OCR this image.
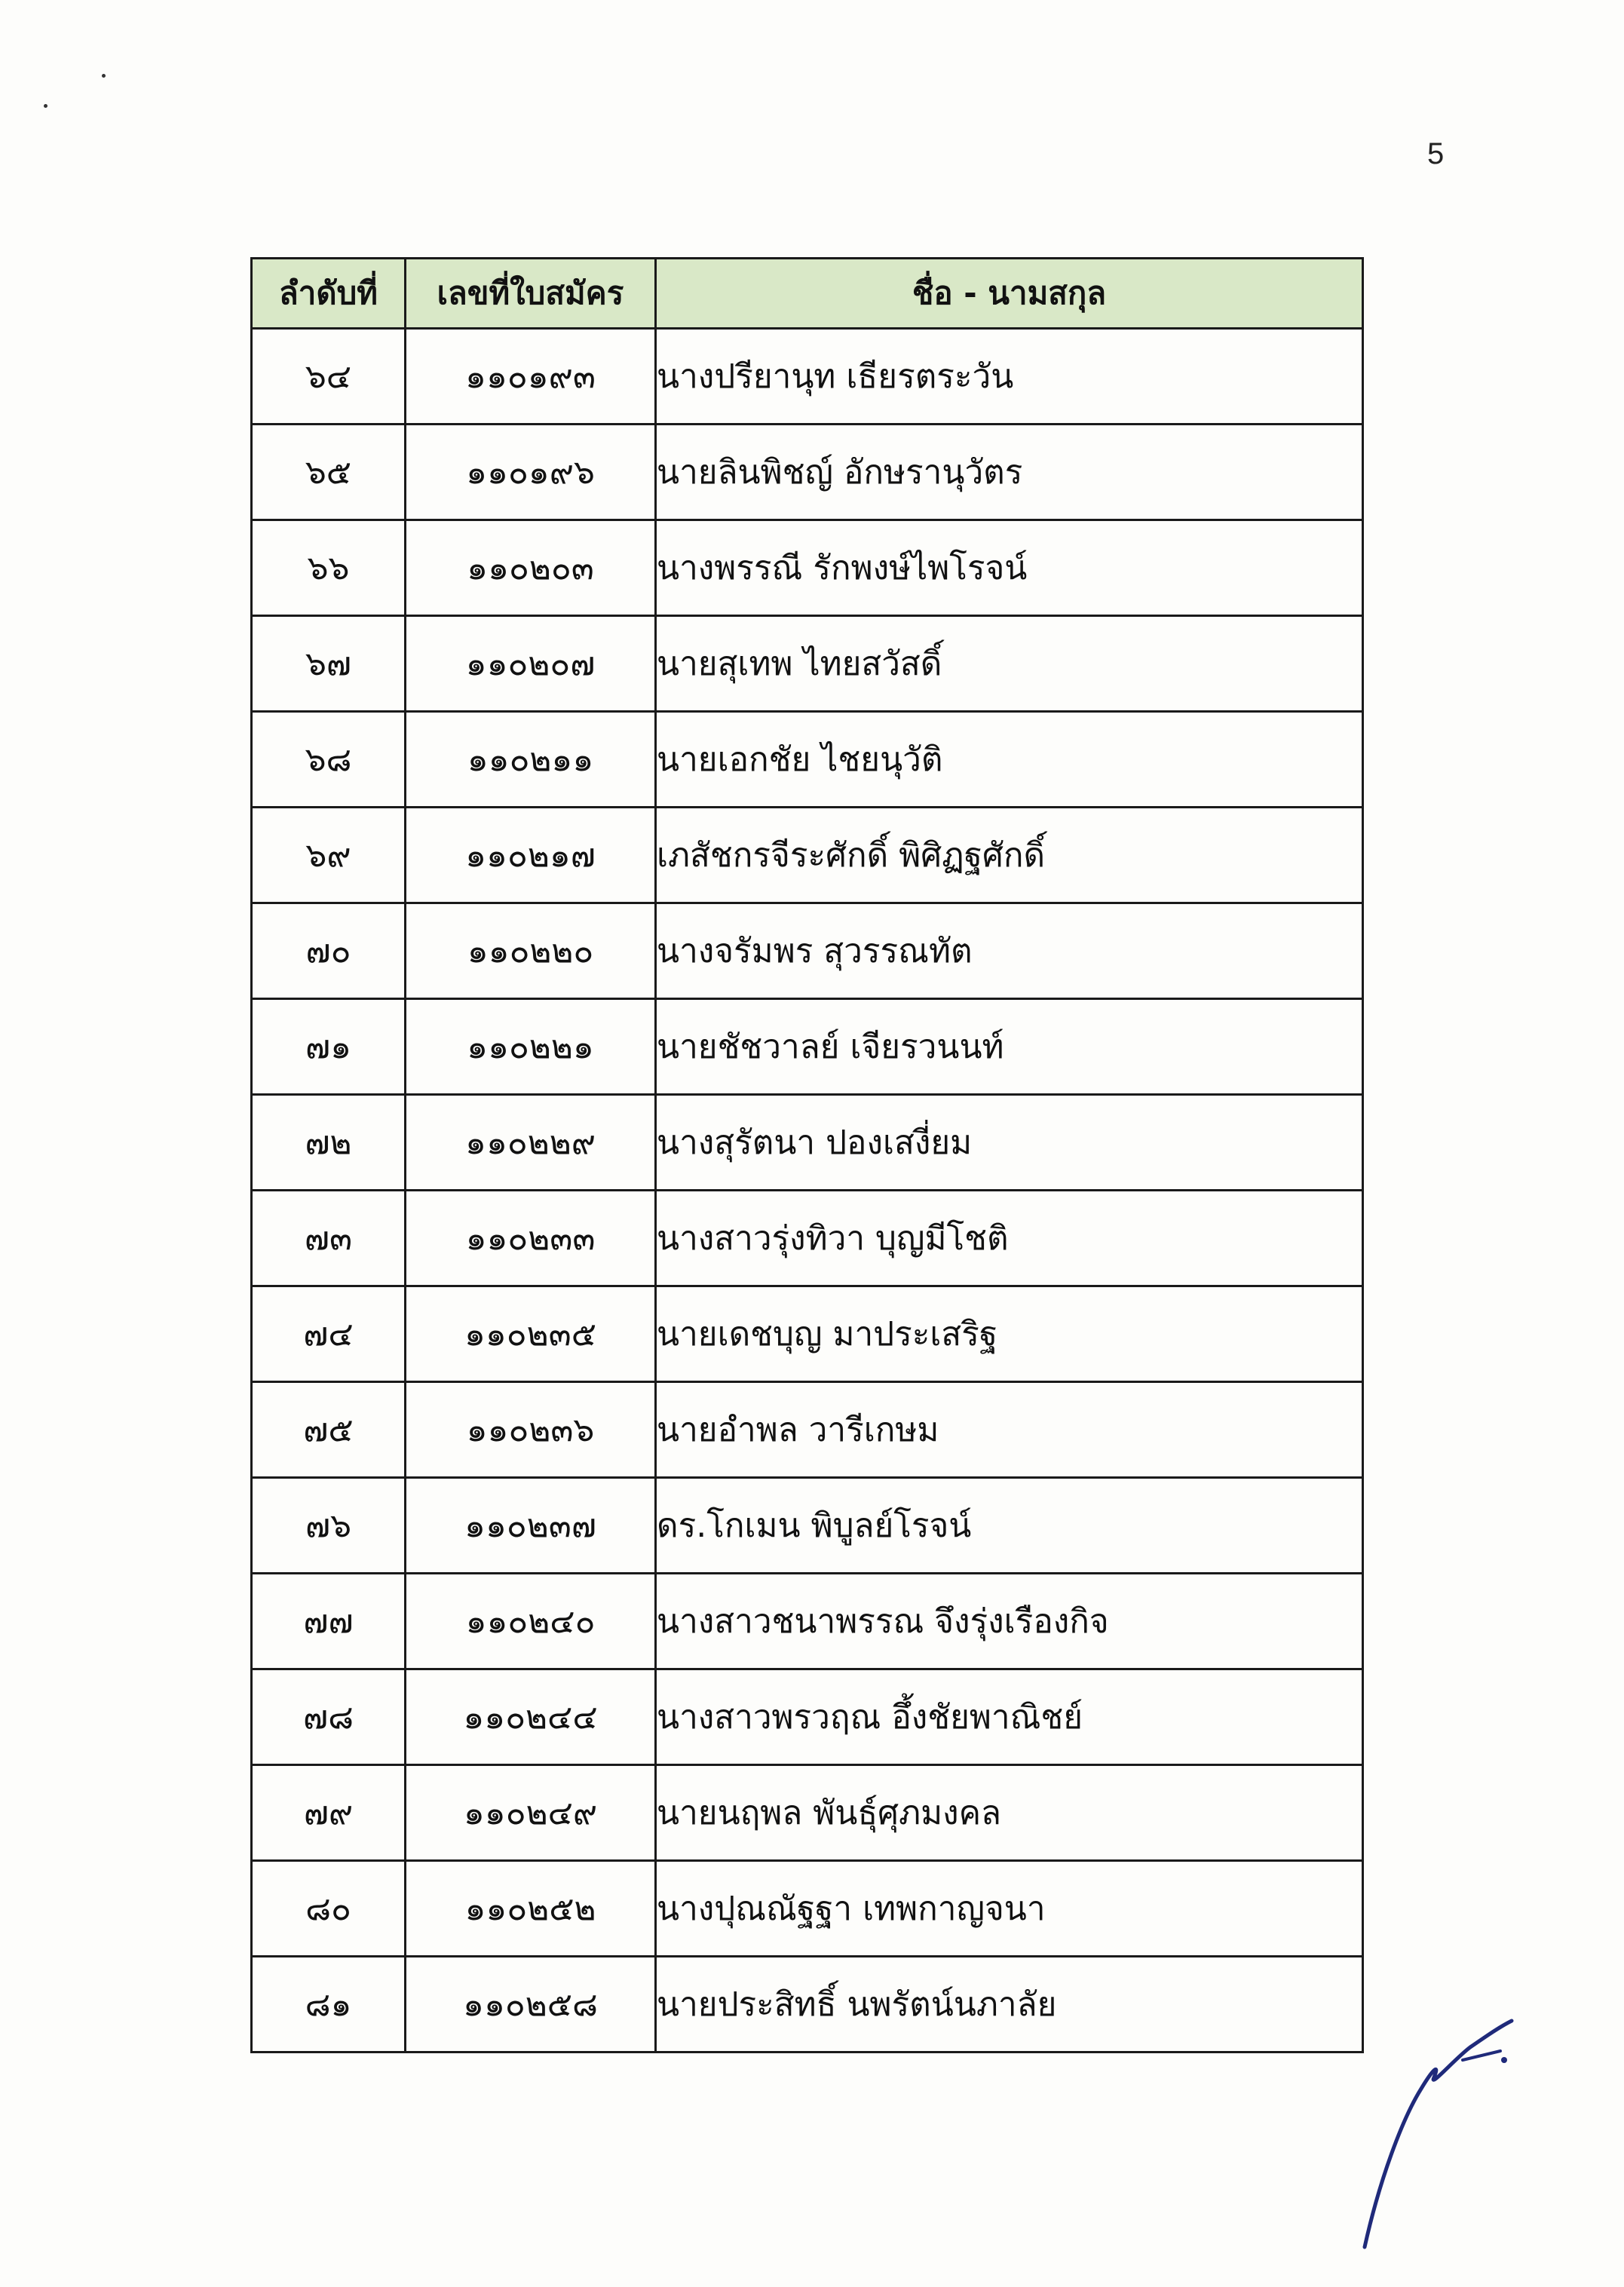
5
ลำดับที่	เลขที่ใบสมัคร	ชื่อ - นามสกุล
๖๔	๑๑๐๑๙๓	นางปรียานุท เธียรตระวัน
๖๕	๑๑๐๑๙๖	นายลินพิชญ์ อักษรานุวัตร
๖๖	๑๑๐๒๐๓	นางพรรณี รักพงษ์ไพโรจน์
๖๗	๑๑๐๒๐๗	นายสุเทพ ไทยสวัสดิ์
๖๘	๑๑๐๒๑๑	นายเอกชัย ไชยนุวัติ
๖๙	๑๑๐๒๑๗	เภสัชกรจีระศักดิ์ พิศิฏฐศักดิ์
๗๐	๑๑๐๒๒๐	นางจรัมพร สุวรรณทัต
๗๑	๑๑๐๒๒๑	นายชัชวาลย์ เจียรวนนท์
๗๒	๑๑๐๒๒๙	นางสุรัตนา ปองเสงี่ยม
๗๓	๑๑๐๒๓๓	นางสาวรุ่งทิวา บุญมีโชติ
๗๔	๑๑๐๒๓๕	นายเดชบุญ มาประเสริฐ
๗๕	๑๑๐๒๓๖	นายอำพล วารีเกษม
๗๖	๑๑๐๒๓๗	ดร.โกเมน พิบูลย์โรจน์
๗๗	๑๑๐๒๔๐	นางสาวชนาพรรณ จึงรุ่งเรืองกิจ
๗๘	๑๑๐๒๔๔	นางสาวพรวฤณ อึ้งชัยพาณิชย์
๗๙	๑๑๐๒๔๙	นายนฤพล พันธุ์ศุภมงคล
๘๐	๑๑๐๒๕๒	นางปุณณัฐฐา เทพกาญจนา
๘๑	๑๑๐๒๕๘	นายประสิทธิ์ นพรัตน์นภาลัย
